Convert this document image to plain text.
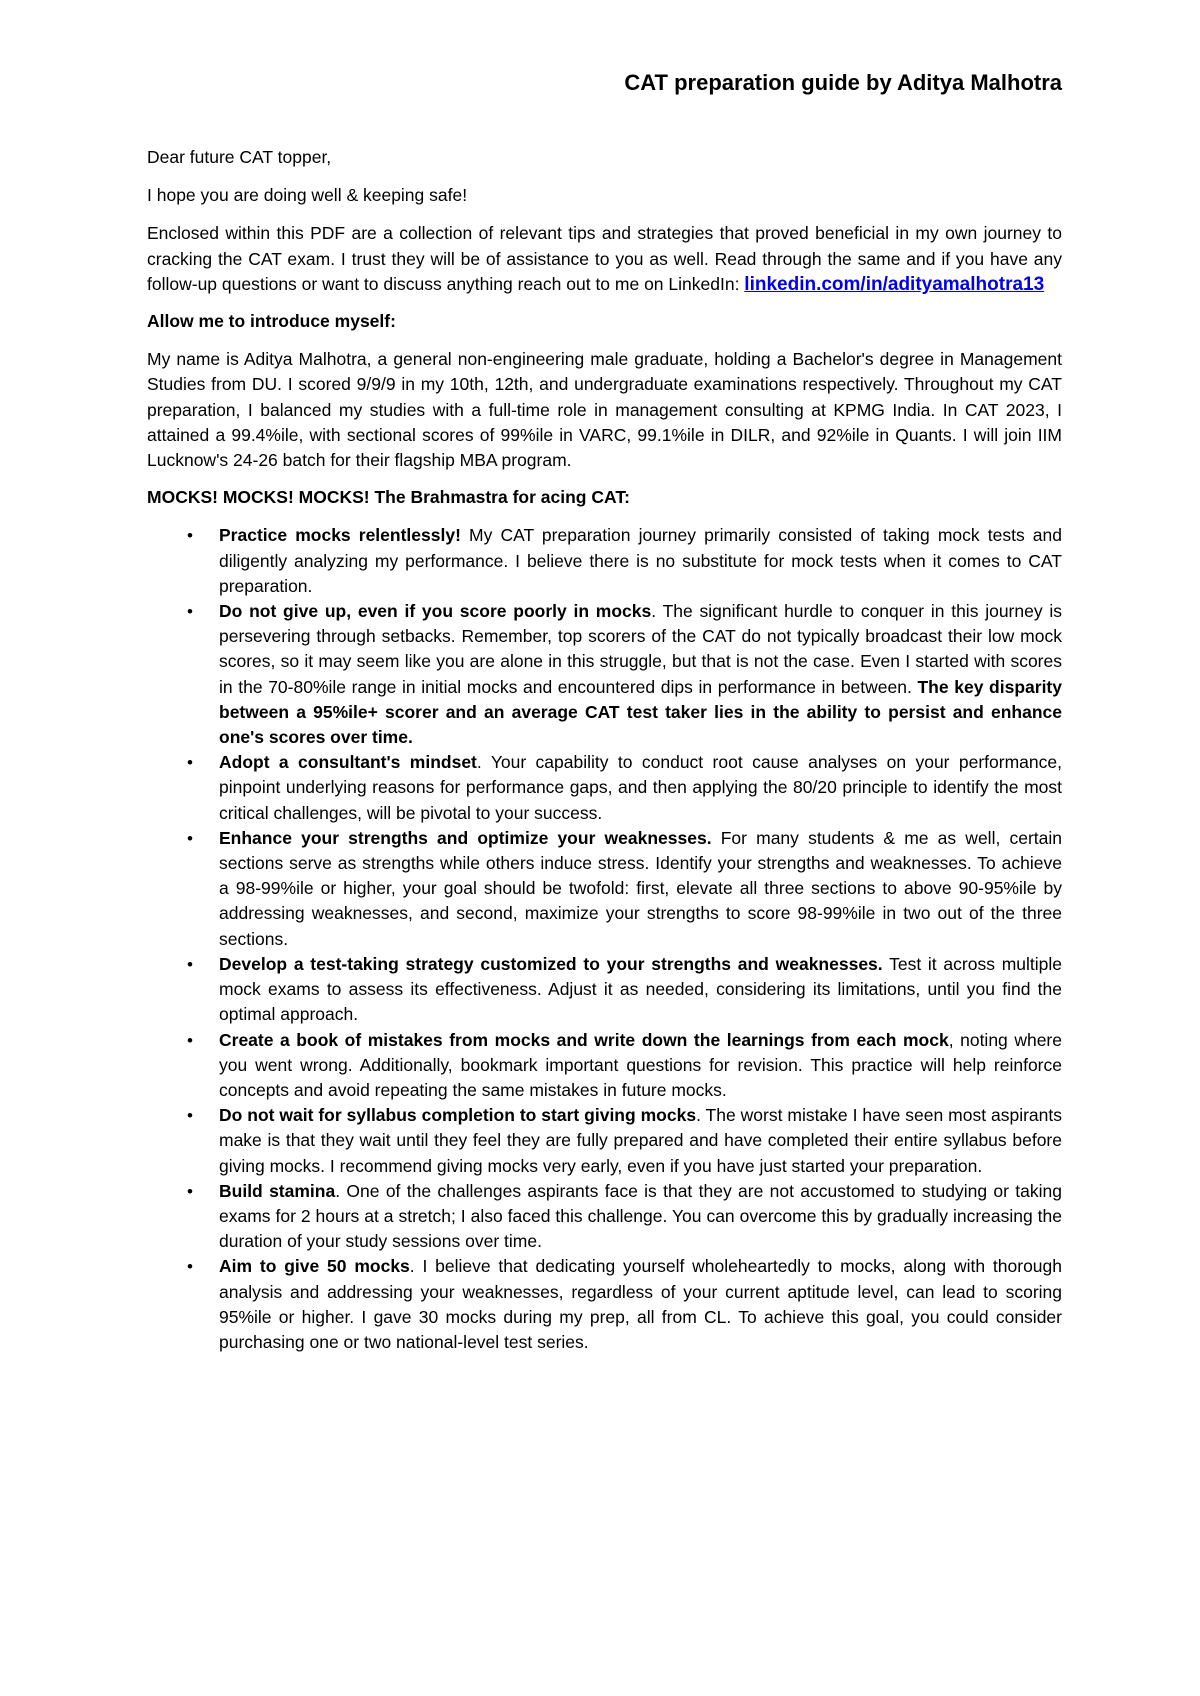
CAT preparation guide by Aditya Malhotra

Dear future CAT topper,

I hope you are doing well & keeping safe!

Enclosed within this PDF are a collection of relevant tips and strategies that proved beneficial in my own journey to cracking the CAT exam. I trust they will be of assistance to you as well. Read through the same and if you have any follow-up questions or want to discuss anything reach out to me on LinkedIn: linkedin.com/in/adityamalhotra13

Allow me to introduce myself:

My name is Aditya Malhotra, a general non-engineering male graduate, holding a Bachelor's degree in Management Studies from DU. I scored 9/9/9 in my 10th, 12th, and undergraduate examinations respectively. Throughout my CAT preparation, I balanced my studies with a full-time role in management consulting at KPMG India. In CAT 2023, I attained a 99.4%ile, with sectional scores of 99%ile in VARC, 99.1%ile in DILR, and 92%ile in Quants. I will join IIM Lucknow's 24-26 batch for their flagship MBA program.

MOCKS! MOCKS! MOCKS! The Brahmastra for acing CAT:

• Practice mocks relentlessly! My CAT preparation journey primarily consisted of taking mock tests and diligently analyzing my performance. I believe there is no substitute for mock tests when it comes to CAT preparation.
• Do not give up, even if you score poorly in mocks. The significant hurdle to conquer in this journey is persevering through setbacks. Remember, top scorers of the CAT do not typically broadcast their low mock scores, so it may seem like you are alone in this struggle, but that is not the case. Even I started with scores in the 70-80%ile range in initial mocks and encountered dips in performance in between. The key disparity between a 95%ile+ scorer and an average CAT test taker lies in the ability to persist and enhance one's scores over time.
• Adopt a consultant's mindset. Your capability to conduct root cause analyses on your performance, pinpoint underlying reasons for performance gaps, and then applying the 80/20 principle to identify the most critical challenges, will be pivotal to your success.
• Enhance your strengths and optimize your weaknesses. For many students & me as well, certain sections serve as strengths while others induce stress. Identify your strengths and weaknesses. To achieve a 98-99%ile or higher, your goal should be twofold: first, elevate all three sections to above 90-95%ile by addressing weaknesses, and second, maximize your strengths to score 98-99%ile in two out of the three sections.
• Develop a test-taking strategy customized to your strengths and weaknesses. Test it across multiple mock exams to assess its effectiveness. Adjust it as needed, considering its limitations, until you find the optimal approach.
• Create a book of mistakes from mocks and write down the learnings from each mock, noting where you went wrong. Additionally, bookmark important questions for revision. This practice will help reinforce concepts and avoid repeating the same mistakes in future mocks.
• Do not wait for syllabus completion to start giving mocks. The worst mistake I have seen most aspirants make is that they wait until they feel they are fully prepared and have completed their entire syllabus before giving mocks. I recommend giving mocks very early, even if you have just started your preparation.
• Build stamina. One of the challenges aspirants face is that they are not accustomed to studying or taking exams for 2 hours at a stretch; I also faced this challenge. You can overcome this by gradually increasing the duration of your study sessions over time.
• Aim to give 50 mocks. I believe that dedicating yourself wholeheartedly to mocks, along with thorough analysis and addressing your weaknesses, regardless of your current aptitude level, can lead to scoring 95%ile or higher. I gave 30 mocks during my prep, all from CL. To achieve this goal, you could consider purchasing one or two national-level test series.
